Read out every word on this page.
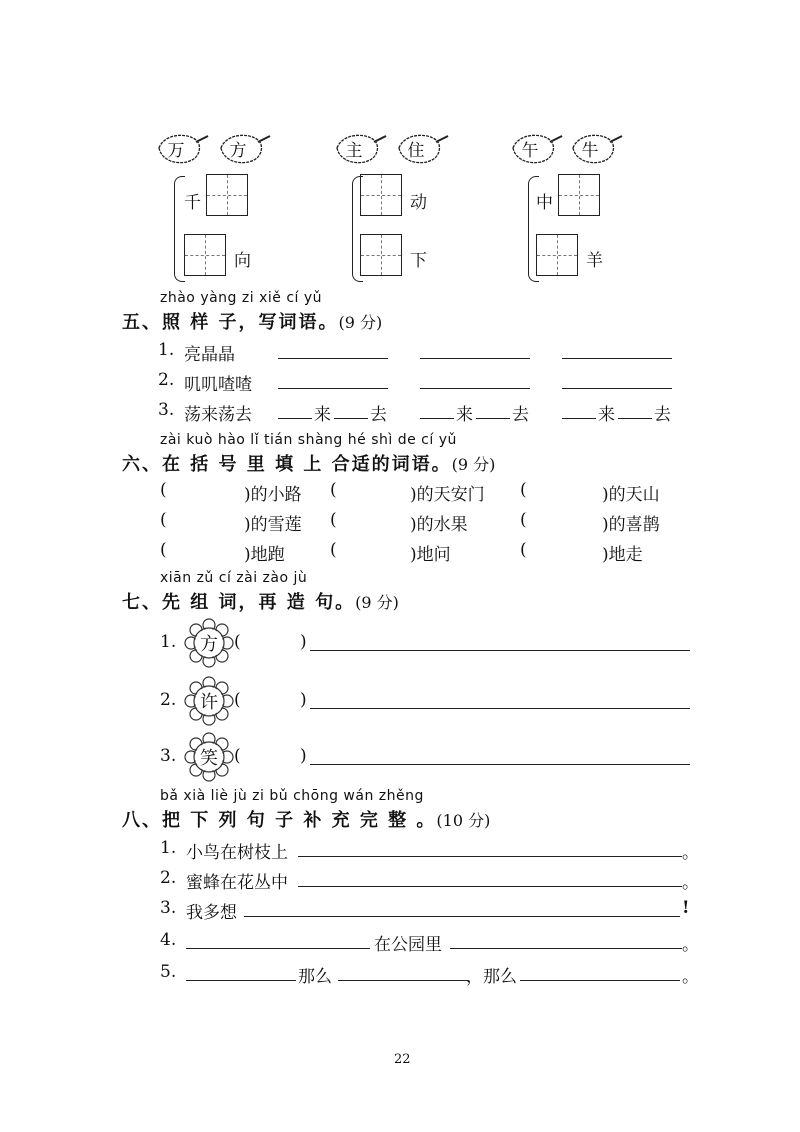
万	方	主	住	午	牛
千
向
动
下
中
羊
zhào yàng zi xiě cí yǔ
五、照 样 子，写词语。(9 分)
1. 亮晶晶
2. 叽叽喳喳
3. 荡来荡去	来 去	来 去	来 去
zài kuò hào lǐ tián shàng hé shì de cí yǔ
六、在 括 号 里 填 上 合适的词语。(9 分)
(	)的小路 (	)的天安门 (	)的天山
(	)的雪莲 (	)的水果	(	)的喜鹊
(	)地跑	(	)地问	(	)地走
xiān zǔ cí zài zào jù
七、先 组 词，再 造 句。(9 分)
1.	方 (	)
2.	许 (	)
3.	笑 (	)
bǎ xià liè jù zi bǔ chōng wán zhěng
八、把 下 列 句 子 补 充 完 整 。(10 分)
1. 小鸟在树枝上	。
2. 蜜蜂在花丛中	。
3. 我多想	!
4.	在公园里	。
5.	那么	，那么	。
22
